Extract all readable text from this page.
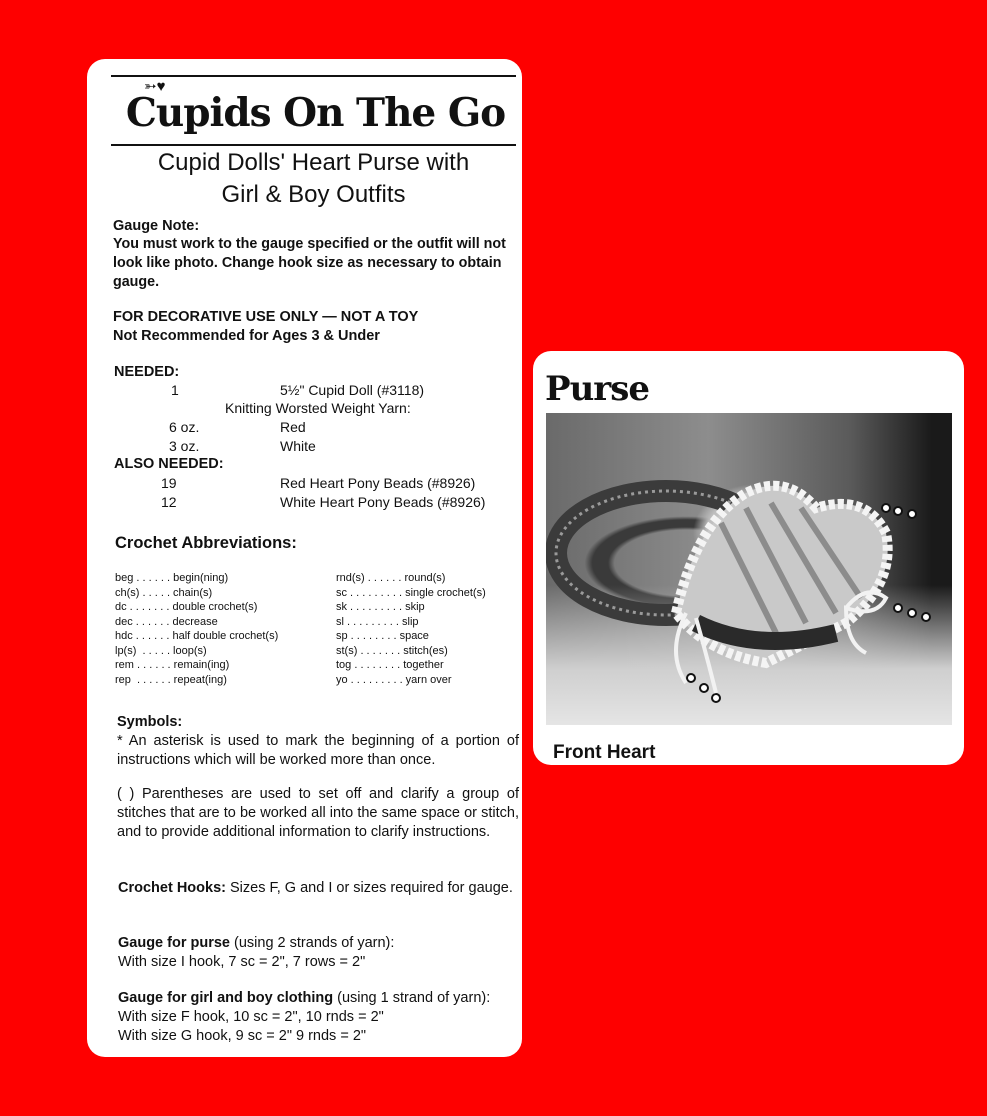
Cupids On The Go
➳♥
Cupid Dolls' Heart Purse with
Girl & Boy Outfits
Gauge Note:
You must work to the gauge specified or the outfit will not look like photo. Change hook size as necessary to obtain gauge.
FOR DECORATIVE USE ONLY — NOT A TOY
Not Recommended for Ages 3 & Under
NEEDED:
1	5½" Cupid Doll (#3118)
Knitting Worsted Weight Yarn:
6 oz.	Red
3 oz.	White
ALSO NEEDED:
19	Red Heart Pony Beads (#8926)
12	White Heart Pony Beads (#8926)
Crochet Abbreviations:
beg . . . . . . begin(ning)
ch(s) . . . . . chain(s)
dc . . . . . . . double crochet(s)
dec . . . . . . decrease
hdc . . . . . . half double crochet(s)
lp(s)  . . . . . loop(s)
rem . . . . . . remain(ing)
rep  . . . . . . repeat(ing)
rnd(s) . . . . . . round(s)
sc . . . . . . . . . single crochet(s)
sk . . . . . . . . . skip
sl . . . . . . . . . slip
sp . . . . . . . . space
st(s) . . . . . . . stitch(es)
tog . . . . . . . . together
yo . . . . . . . . . yarn over
Symbols:
* An asterisk is used to mark the beginning of a portion of instructions which will be worked more than once.
( ) Parentheses are used to set off and clarify a group of stitches that are to be worked all into the same space or stitch, and to provide additional information to clarify instructions.
Crochet Hooks: Sizes F, G and I or sizes required for gauge.
Gauge for purse (using 2 strands of yarn):
With size I hook, 7 sc = 2", 7 rows = 2"
Gauge for girl and boy clothing (using 1 strand of yarn):
With size F hook, 10 sc = 2", 10 rnds = 2"
With size G hook, 9 sc = 2" 9 rnds = 2"
Purse
Front Heart
